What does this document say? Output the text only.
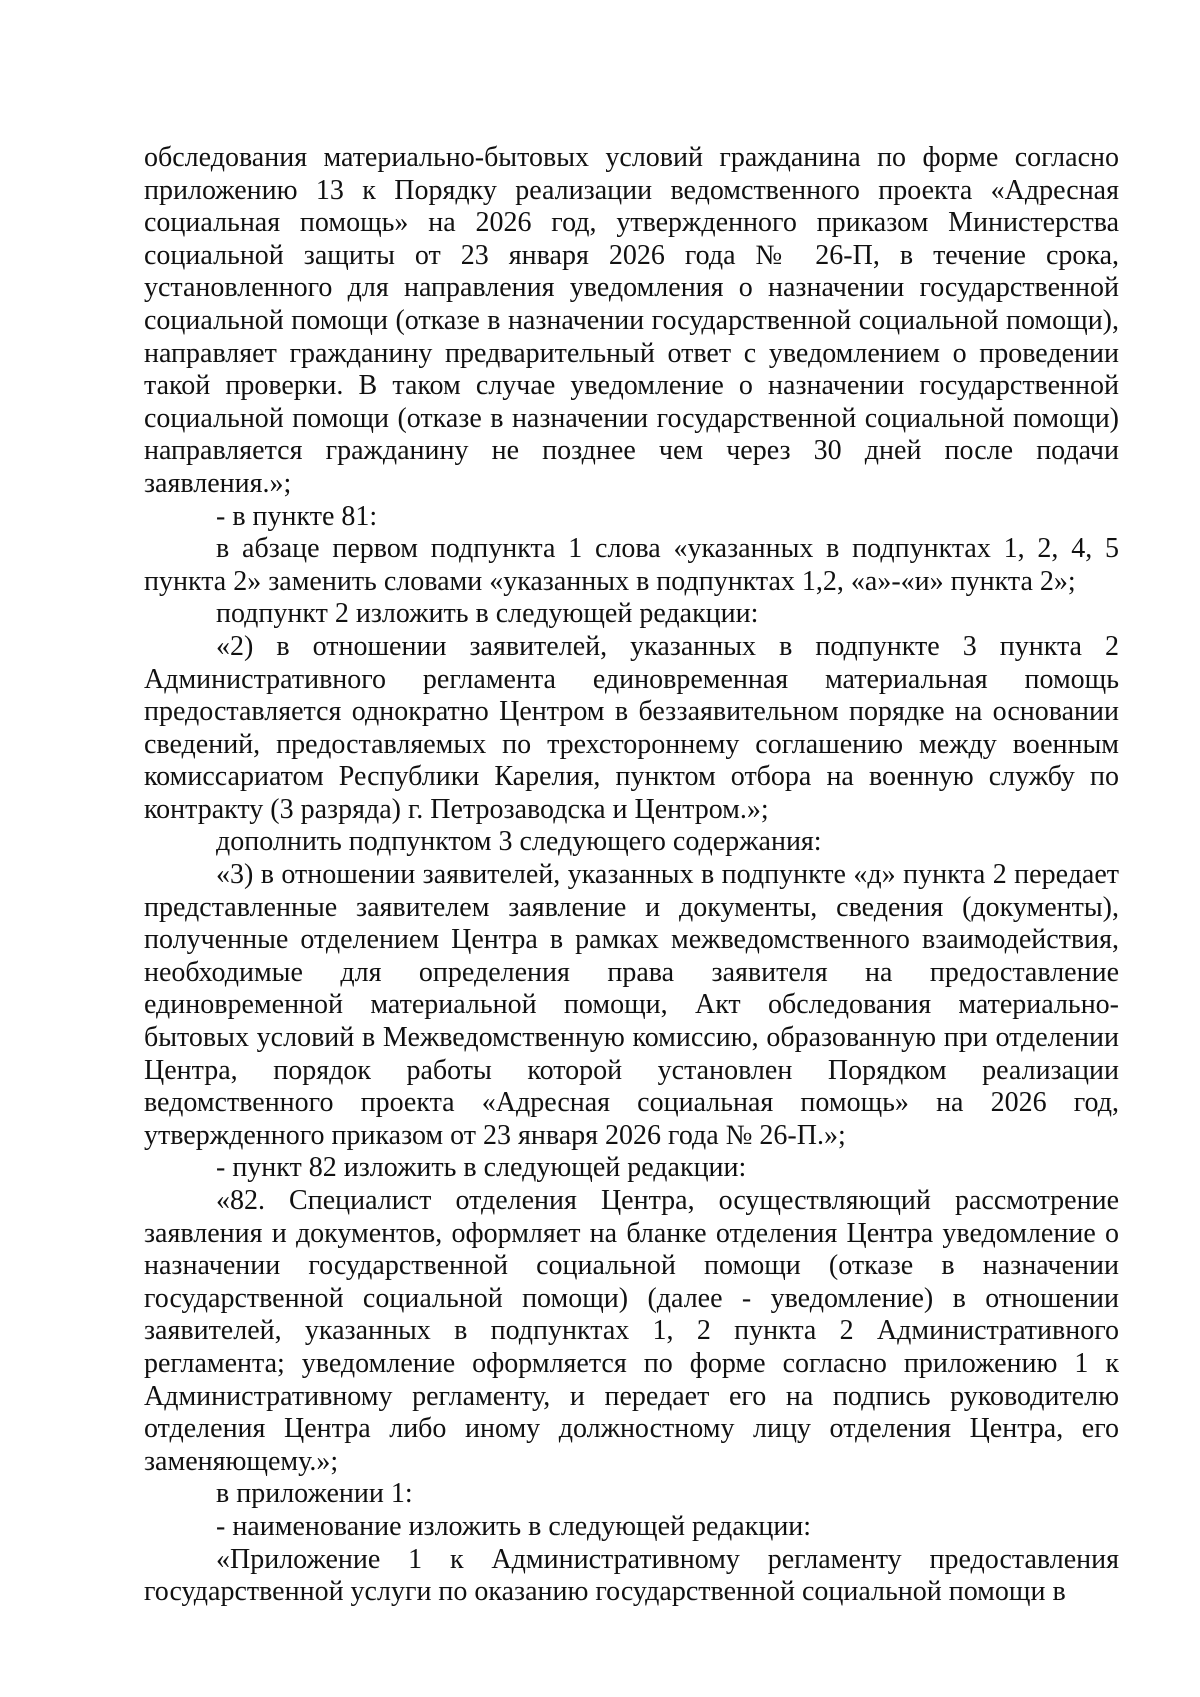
обследования материально-бытовых условий гражданина по форме согласно приложению 13 к Порядку реализации ведомственного проекта «Адресная социальная помощь» на 2026 год, утвержденного приказом Министерства социальной защиты от 23 января 2026 года № 26-П, в течение срока, установленного для направления уведомления о назначении государственной социальной помощи (отказе в назначении государственной социальной помощи), направляет гражданину предварительный ответ с уведомлением о проведении такой проверки. В таком случае уведомление о назначении государственной социальной помощи (отказе в назначении государственной социальной помощи) направляется гражданину не позднее чем через 30 дней после подачи заявления.»;

- в пункте 81:

в абзаце первом подпункта 1 слова «указанных в подпунктах 1, 2, 4, 5 пункта 2» заменить словами «указанных в подпунктах 1,2, «а»-«и» пункта 2»;

подпункт 2 изложить в следующей редакции:

«2) в отношении заявителей, указанных в подпункте 3 пункта 2 Административного регламента единовременная материальная помощь предоставляется однократно Центром в беззаявительном порядке на основании сведений, предоставляемых по трехстороннему соглашению между военным комиссариатом Республики Карелия, пунктом отбора на военную службу по контракту (3 разряда) г. Петрозаводска и Центром.»;

дополнить подпунктом 3 следующего содержания:

«3) в отношении заявителей, указанных в подпункте «д» пункта 2 передает представленные заявителем заявление и документы, сведения (документы), полученные отделением Центра в рамках межведомственного взаимодействия, необходимые для определения права заявителя на предоставление единовременной материальной помощи, Акт обследования материально-бытовых условий в Межведомственную комиссию, образованную при отделении Центра, порядок работы которой установлен Порядком реализации ведомственного проекта «Адресная социальная помощь» на 2026 год, утвержденного приказом от 23 января 2026 года № 26-П.»;

- пункт 82 изложить в следующей редакции:

«82. Специалист отделения Центра, осуществляющий рассмотрение заявления и документов, оформляет на бланке отделения Центра уведомление о назначении государственной социальной помощи (отказе в назначении государственной социальной помощи) (далее - уведомление) в отношении заявителей, указанных в подпунктах 1, 2 пункта 2 Административного регламента; уведомление оформляется по форме согласно приложению 1 к Административному регламенту, и передает его на подпись руководителю отделения Центра либо иному должностному лицу отделения Центра, его заменяющему.»;

в приложении 1:

- наименование изложить в следующей редакции:

«Приложение 1 к Административному регламенту предоставления государственной услуги по оказанию государственной социальной помощи в
